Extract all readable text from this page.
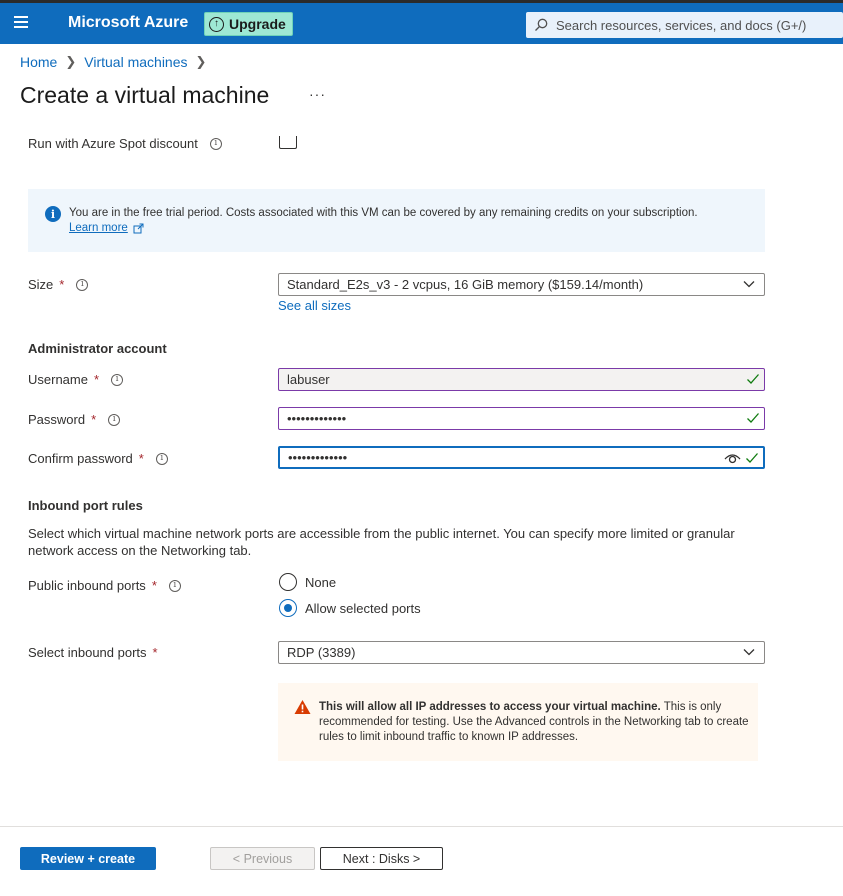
Microsoft Azure	↑ Upgrade
Search resources, services, and docs (G+/)
Home ❯ Virtual machines ❯
Create a virtual machine	···
Run with Azure Spot discount	i
i	You are in the free trial period. Costs associated with this VM can be covered by any remaining credits on your subscription.
Learn more
Size *	i	Standard_E2s_v3 - 2 vcpus, 16 GiB memory ($159.14/month)
See all sizes
Administrator account
Username *	i
labuser
Password *	i
•••••••••••••
Confirm password *	i
•••••••••••••
Inbound port rules
Select which virtual machine network ports are accessible from the public internet. You can specify more limited or granular network access on the Networking tab.
Public inbound ports *	i	None
Allow selected ports
Select inbound ports *	RDP (3389)
This will allow all IP addresses to access your virtual machine. This is only recommended for testing. Use the Advanced controls in the Networking tab to create rules to limit inbound traffic to known IP addresses.
Review + create	< Previous	Next : Disks >
